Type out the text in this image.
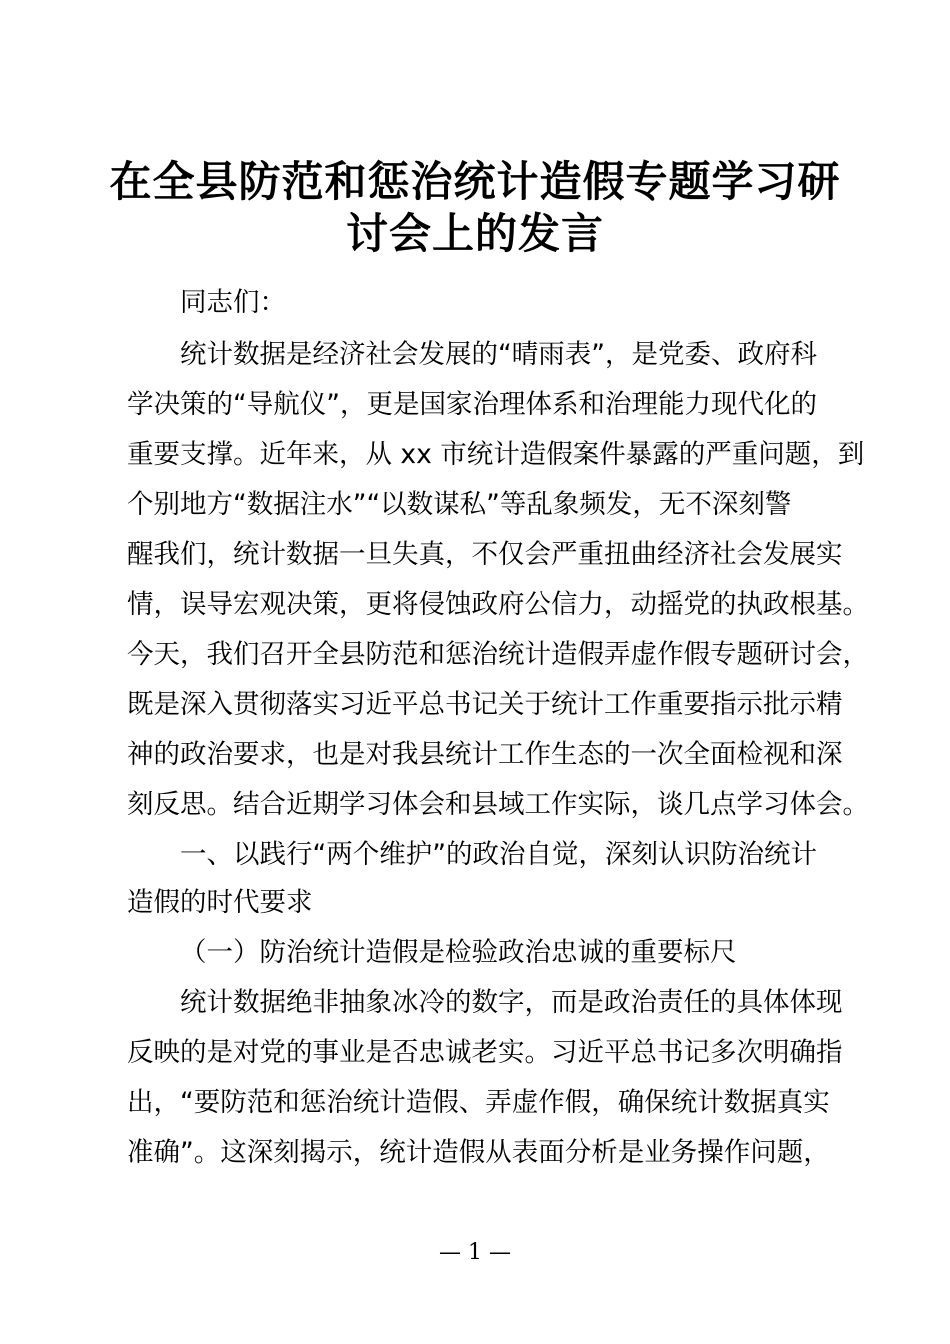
在全县防范和惩治统计造假专题学习研
讨会上的发言

同志们：

统计数据是经济社会发展的“晴雨表”，是党委、政府科

学决策的“导航仪”，更是国家治理体系和治理能力现代化的

重要支撑。近年来，从 xx 市统计造假案件暴露的严重问题，到

个别地方“数据注水”“以数谋私”等乱象频发，无不深刻警

醒我们，统计数据一旦失真，不仅会严重扭曲经济社会发展实

情，误导宏观决策，更将侵蚀政府公信力，动摇党的执政根基。

今天，我们召开全县防范和惩治统计造假弄虚作假专题研讨会，

既是深入贯彻落实习近平总书记关于统计工作重要指示批示精

神的政治要求，也是对我县统计工作生态的一次全面检视和深

刻反思。结合近期学习体会和县域工作实际，谈几点学习体会。

一、以践行“两个维护”的政治自觉，深刻认识防治统计

造假的时代要求

（一）防治统计造假是检验政治忠诚的重要标尺

统计数据绝非抽象冰冷的数字，而是政治责任的具体体现

反映的是对党的事业是否忠诚老实。习近平总书记多次明确指

出，“要防范和惩治统计造假、弄虚作假，确保统计数据真实

准确”。这深刻揭示，统计造假从表面分析是业务操作问题，

— 1 —
